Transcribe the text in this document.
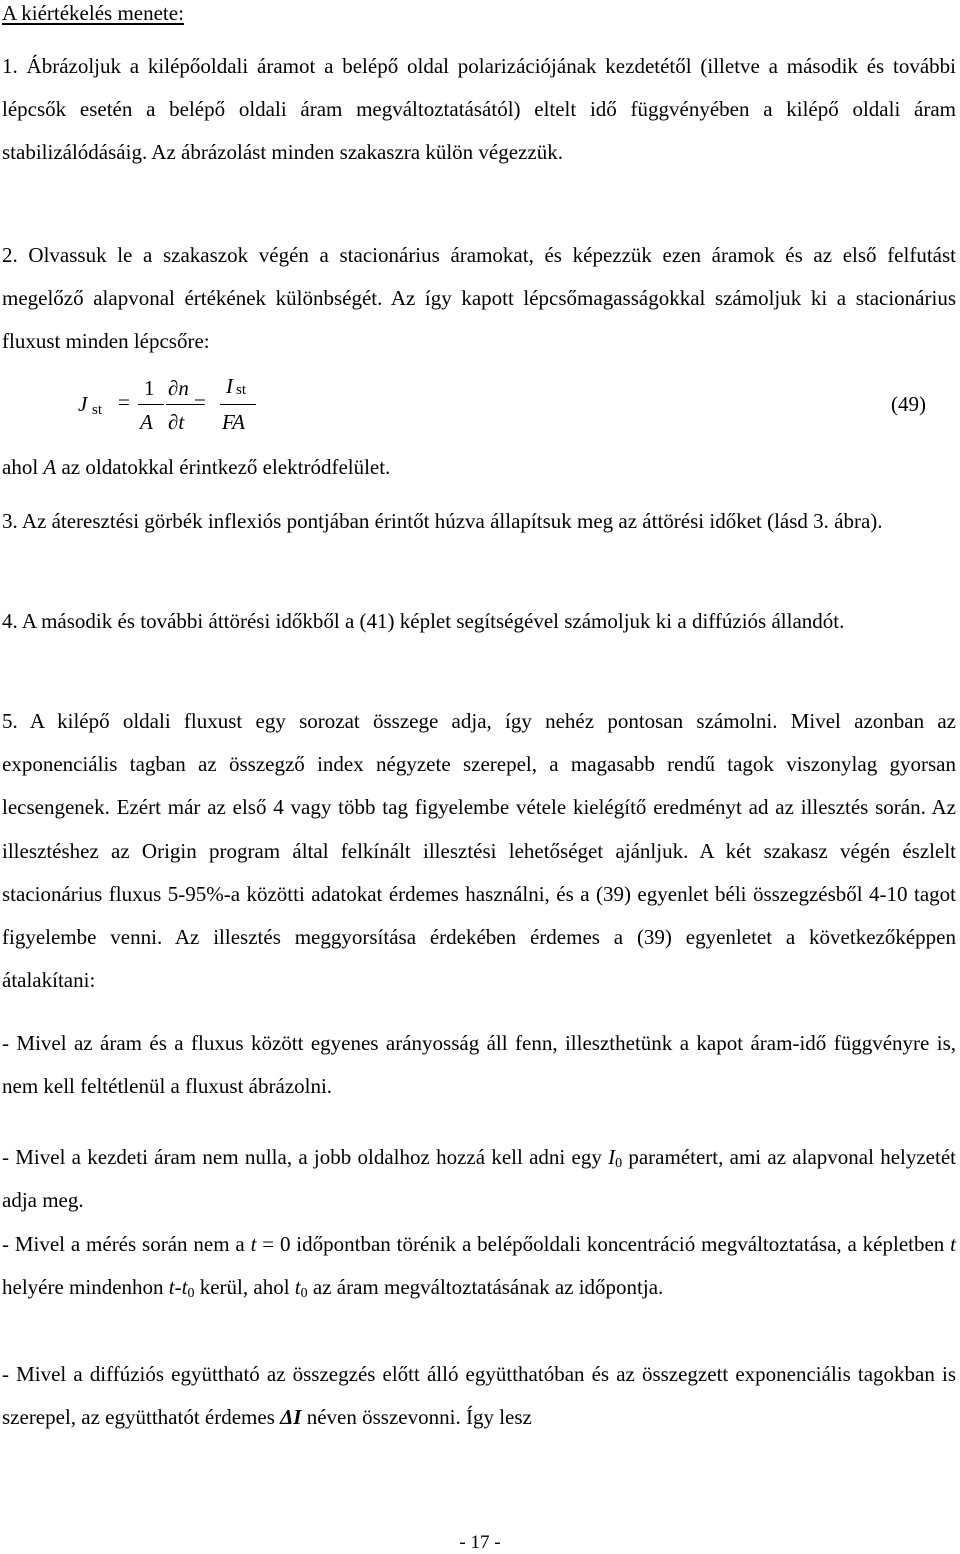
A kiértékelés menete:

1. Ábrázoljuk a kilépőoldali áramot a belépő oldal polarizációjának kezdetétől (illetve a második és további lépcsők esetén a belépő oldali áram megváltoztatásától) eltelt idő függvényében a kilépő oldali áram stabilizálódásáig. Az ábrázolást minden szakaszra külön végezzük.

2. Olvassuk le a szakaszok végén a stacionárius áramokat, és képezzük ezen áramok és az első felfutást megelőző alapvonal értékének különbségét. Az így kapott lépcsőmagasságokkal számoljuk ki a stacionárius fluxust minden lépcsőre:

J st =
1
A
∂n
∂t
=
I st
FA
(49)

ahol A az oldatokkal érintkező elektródfelület.

3. Az áteresztési görbék inflexiós pontjában érintőt húzva állapítsuk meg az áttörési időket (lásd 3. ábra).

4. A második és további áttörési időkből a (41) képlet segítségével számoljuk ki a diffúziós állandót.

5. A kilépő oldali fluxust egy sorozat összege adja, így nehéz pontosan számolni. Mivel azonban az exponenciális tagban az összegző index négyzete szerepel, a magasabb rendű tagok viszonylag gyorsan lecsengenek. Ezért már az első 4 vagy több tag figyelembe vétele kielégítő eredményt ad az illesztés során. Az illesztéshez az Origin program által felkínált illesztési lehetőséget ajánljuk. A két szakasz végén észlelt stacionárius fluxus 5-95%-a közötti adatokat érdemes használni, és a (39) egyenlet béli összegzésből 4-10 tagot figyelembe venni. Az illesztés meggyorsítása érdekében érdemes a (39) egyenletet a következőképpen átalakítani:

- Mivel az áram és a fluxus között egyenes arányosság áll fenn, illeszthetünk a kapot áram-idő függvényre is, nem kell feltétlenül a fluxust ábrázolni.

- Mivel a kezdeti áram nem nulla, a jobb oldalhoz hozzá kell adni egy $I_0$ paramétert, ami az alapvonal helyzetét adja meg.

- Mivel a mérés során nem a t = 0 időpontban törénik a belépőoldali koncentráció megváltoztatása, a képletben t helyére mindenhon $t-t_0$ kerül, ahol $t_0$ az áram megváltoztatásának az időpontja.

- Mivel a diffúziós együttható az összegzés előtt álló együtthatóban és az összegzett exponenciális tagokban is szerepel, az együtthatót érdemes ΔI néven összevonni. Így lesz

- 17 -
